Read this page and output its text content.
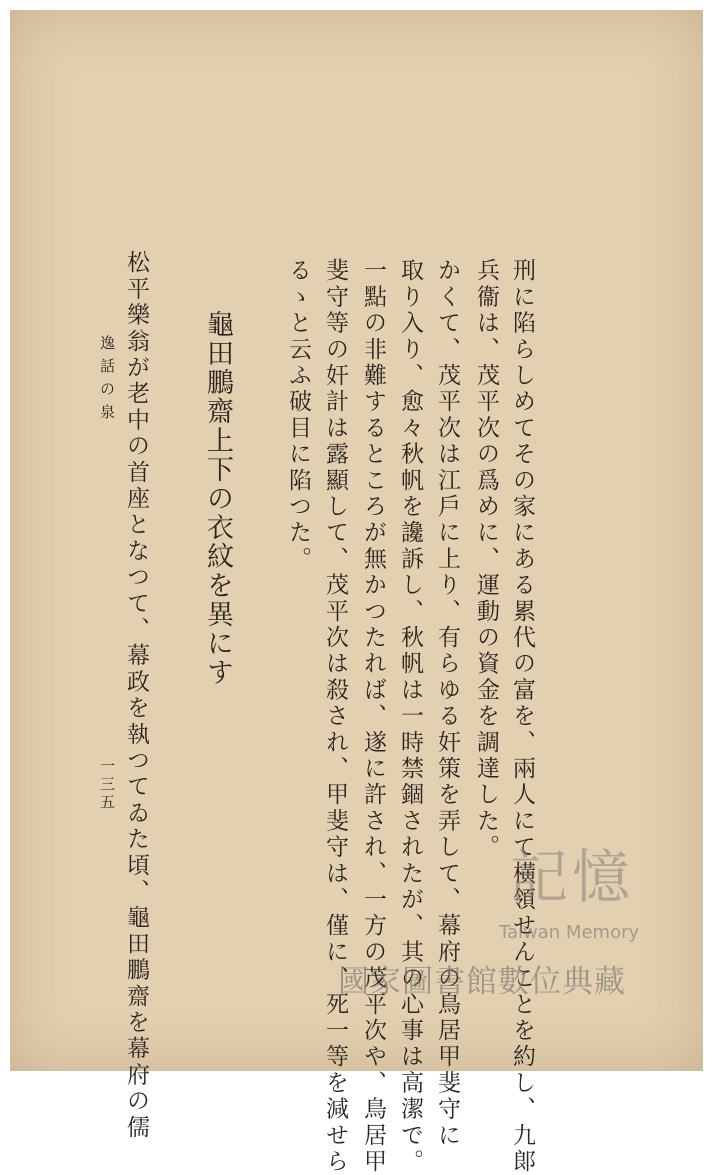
刑に陷らしめてその家にある累代の富を、兩人にて橫領せんことを約し、九郞
兵衞は、茂平次の爲めに、運動の資金を調達した。
かくて、茂平次は江戶に上り、有らゆる奸策を弄して、幕府の鳥居甲斐守に
取り入り、愈々秋帆を讒訴し、秋帆は一時禁錮されたが、其の心事は高潔で。
一點の非難するところが無かつたれば、遂に許され、一方の茂平次や、鳥居甲
斐守等の奸計は露顯して、茂平次は殺され、甲斐守は、僅に、死一等を減せら
るゝと云ふ破目に陷つた。
龜田鵬齋上下の衣紋を異にす
松平樂翁が老中の首座となつて、幕政を執つてゐた頃、龜田鵬齋を幕府の儒
逸話の泉
一三五
記憶
Taiwan Memory
國家圖書館數位典藏
